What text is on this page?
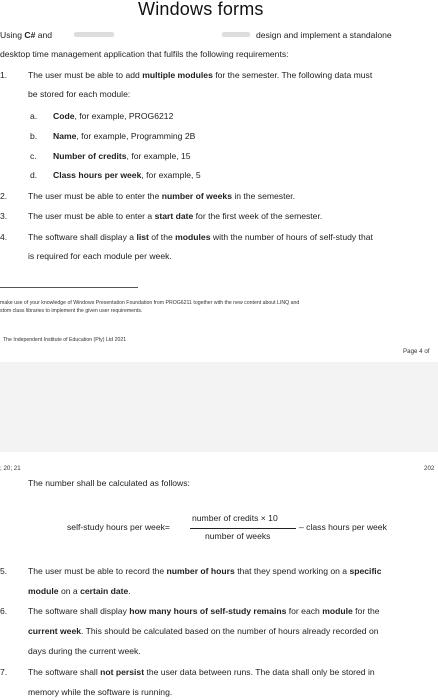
Windows forms
Using C# and	design and implement a standalone
desktop time management application that fulfils the following requirements:
1. The user must be able to add multiple modules for the semester. The following data must
be stored for each module:
a. Code, for example, PROG6212
b. Name, for example, Programming 2B
c. Number of credits, for example, 15
d. Class hours per week, for example, 5
2. The user must be able to enter the number of weeks in the semester.
3. The user must be able to enter a start date for the first week of the semester.
4. The software shall display a list of the modules with the number of hours of self-study that
is required for each module per week.
make use of your knowledge of Windows Presentation Foundation from PROG6211 together with the new content about LINQ and
stom class libraries to implement the given user requirements.
The Independent Institute of Education (Pty) Ltd 2021
Page 4 of
; 20; 21	202
The number shall be calculated as follows:
self-study hours per week=
number of credits × 10
number of weeks
– class hours per week
5. The user must be able to record the number of hours that they spend working on a specific
module on a certain date.
6. The software shall display how many hours of self-study remains for each module for the
current week. This should be calculated based on the number of hours already recorded on
days during the current week.
7. The software shall not persist the user data between runs. The data shall only be stored in
memory while the software is running.
